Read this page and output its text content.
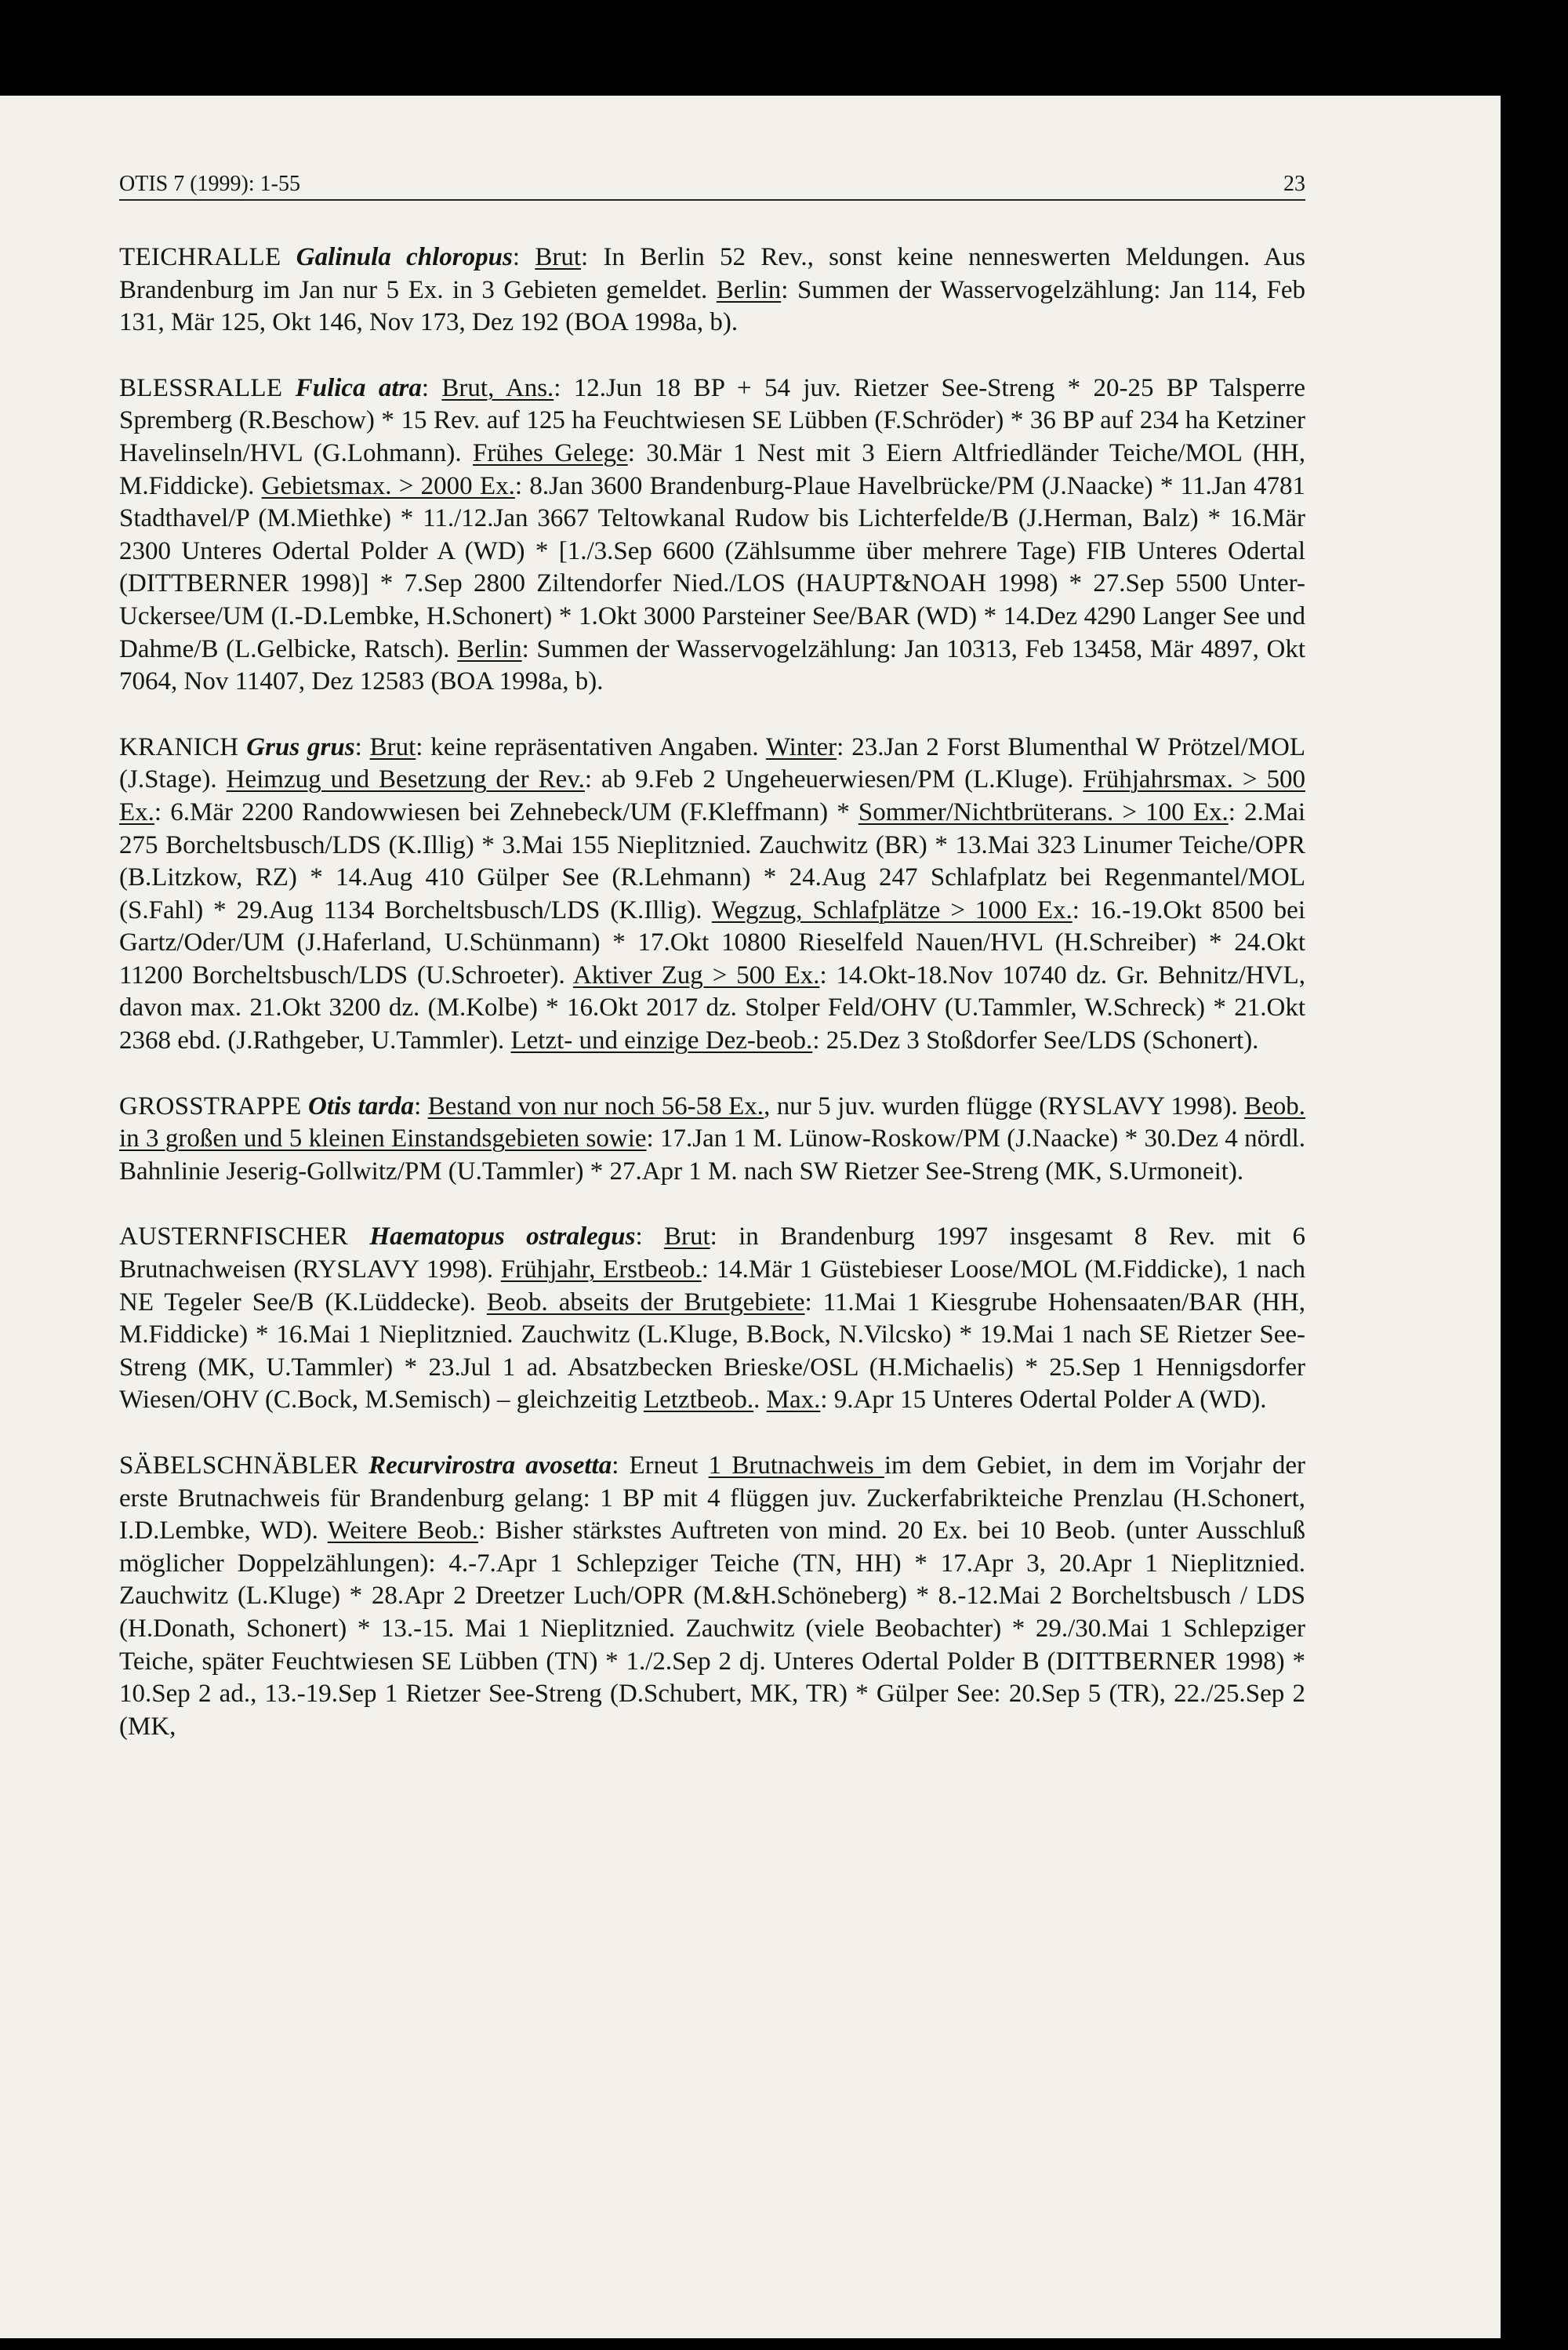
OTIS 7 (1999): 1-55	23

TEICHRALLE Galinula chloropus: Brut: In Berlin 52 Rev., sonst keine nenneswerten Meldungen. Aus Brandenburg im Jan nur 5 Ex. in 3 Gebieten gemeldet. Berlin: Summen der Wasservogelzählung: Jan 114, Feb 131, Mär 125, Okt 146, Nov 173, Dez 192 (BOA 1998a, b).

BLESSRALLE Fulica atra: Brut, Ans.: 12.Jun 18 BP + 54 juv. Rietzer See-Streng * 20-25 BP Talsperre Spremberg (R.Beschow) * 15 Rev. auf 125 ha Feuchtwiesen SE Lübben (F.Schröder) * 36 BP auf 234 ha Ketziner Havelinseln/HVL (G.Lohmann). Frühes Gelege: 30.Mär 1 Nest mit 3 Eiern Altfriedländer Teiche/MOL (HH, M.Fiddicke). Gebietsmax. > 2000 Ex.: 8.Jan 3600 Brandenburg-Plaue Havelbrücke/PM (J.Naacke) * 11.Jan 4781 Stadthavel/P (M.Miethke) * 11./12.Jan 3667 Teltowkanal Rudow bis Lichterfelde/B (J.Herman, Balz) * 16.Mär 2300 Unteres Odertal Polder A (WD) * [1./3.Sep 6600 (Zählsumme über mehrere Tage) FIB Unteres Odertal (DITTBERNER 1998)] * 7.Sep 2800 Ziltendorfer Nied./LOS (HAUPT&NOAH 1998) * 27.Sep 5500 Unter-Uckersee/UM (I.-D.Lembke, H.Schonert) * 1.Okt 3000 Parsteiner See/BAR (WD) * 14.Dez 4290 Langer See und Dahme/B (L.Gelbicke, Ratsch). Berlin: Summen der Wasservogelzählung: Jan 10313, Feb 13458, Mär 4897, Okt 7064, Nov 11407, Dez 12583 (BOA 1998a, b).

KRANICH Grus grus: Brut: keine repräsentativen Angaben. Winter: 23.Jan 2 Forst Blumenthal W Prötzel/MOL (J.Stage). Heimzug und Besetzung der Rev.: ab 9.Feb 2 Ungeheuerwiesen/PM (L.Kluge). Frühjahrsmax. > 500 Ex.: 6.Mär 2200 Randowwiesen bei Zehnebeck/UM (F.Kleffmann) * Sommer/Nichtbrüterans. > 100 Ex.: 2.Mai 275 Borcheltsbusch/LDS (K.Illig) * 3.Mai 155 Nieplitznied. Zauchwitz (BR) * 13.Mai 323 Linumer Teiche/OPR (B.Litzkow, RZ) * 14.Aug 410 Gülper See (R.Lehmann) * 24.Aug 247 Schlafplatz bei Regenmantel/MOL (S.Fahl) * 29.Aug 1134 Borcheltsbusch/LDS (K.Illig). Wegzug, Schlafplätze > 1000 Ex.: 16.-19.Okt 8500 bei Gartz/Oder/UM (J.Haferland, U.Schünmann) * 17.Okt 10800 Rieselfeld Nauen/HVL (H.Schreiber) * 24.Okt 11200 Borcheltsbusch/LDS (U.Schroeter). Aktiver Zug > 500 Ex.: 14.Okt-18.Nov 10740 dz. Gr. Behnitz/HVL, davon max. 21.Okt 3200 dz. (M.Kolbe) * 16.Okt 2017 dz. Stolper Feld/OHV (U.Tammler, W.Schreck) * 21.Okt 2368 ebd. (J.Rathgeber, U.Tammler). Letzt- und einzige Dez-beob.: 25.Dez 3 Stoßdorfer See/LDS (Schonert).

GROSSTRAPPE Otis tarda: Bestand von nur noch 56-58 Ex., nur 5 juv. wurden flügge (RYSLAVY 1998). Beob. in 3 großen und 5 kleinen Einstandsgebieten sowie: 17.Jan 1 M. Lünow-Roskow/PM (J.Naacke) * 30.Dez 4 nördl. Bahnlinie Jeserig-Gollwitz/PM (U.Tammler) * 27.Apr 1 M. nach SW Rietzer See-Streng (MK, S.Urmoneit).

AUSTERNFISCHER Haematopus ostralegus: Brut: in Brandenburg 1997 insgesamt 8 Rev. mit 6 Brutnachweisen (RYSLAVY 1998). Frühjahr, Erstbeob.: 14.Mär 1 Güstebieser Loose/MOL (M.Fiddicke), 1 nach NE Tegeler See/B (K.Lüddecke). Beob. abseits der Brutgebiete: 11.Mai 1 Kiesgrube Hohensaaten/BAR (HH, M.Fiddicke) * 16.Mai 1 Nieplitznied. Zauchwitz (L.Kluge, B.Bock, N.Vilcsko) * 19.Mai 1 nach SE Rietzer See-Streng (MK, U.Tammler) * 23.Jul 1 ad. Absatzbecken Brieske/OSL (H.Michaelis) * 25.Sep 1 Hennigsdorfer Wiesen/OHV (C.Bock, M.Semisch) – gleichzeitig Letztbeob.. Max.: 9.Apr 15 Unteres Odertal Polder A (WD).

SÄBELSCHNÄBLER Recurvirostra avosetta: Erneut 1 Brutnachweis im dem Gebiet, in dem im Vorjahr der erste Brutnachweis für Brandenburg gelang: 1 BP mit 4 flüggen juv. Zuckerfabrikteiche Prenzlau (H.Schonert, I.D.Lembke, WD). Weitere Beob.: Bisher stärkstes Auftreten von mind. 20 Ex. bei 10 Beob. (unter Ausschluß möglicher Doppelzählungen): 4.-7.Apr 1 Schlepziger Teiche (TN, HH) * 17.Apr 3, 20.Apr 1 Nieplitznied. Zauchwitz (L.Kluge) * 28.Apr 2 Dreetzer Luch/OPR (M.&H.Schöneberg) * 8.-12.Mai 2 Borcheltsbusch / LDS (H.Donath, Schonert) * 13.-15. Mai 1 Nieplitznied. Zauchwitz (viele Beobachter) * 29./30.Mai 1 Schlepziger Teiche, später Feuchtwiesen SE Lübben (TN) * 1./2.Sep 2 dj. Unteres Odertal Polder B (DITTBERNER 1998) * 10.Sep 2 ad., 13.-19.Sep 1 Rietzer See-Streng (D.Schubert, MK, TR) * Gülper See: 20.Sep 5 (TR), 22./25.Sep 2 (MK,
